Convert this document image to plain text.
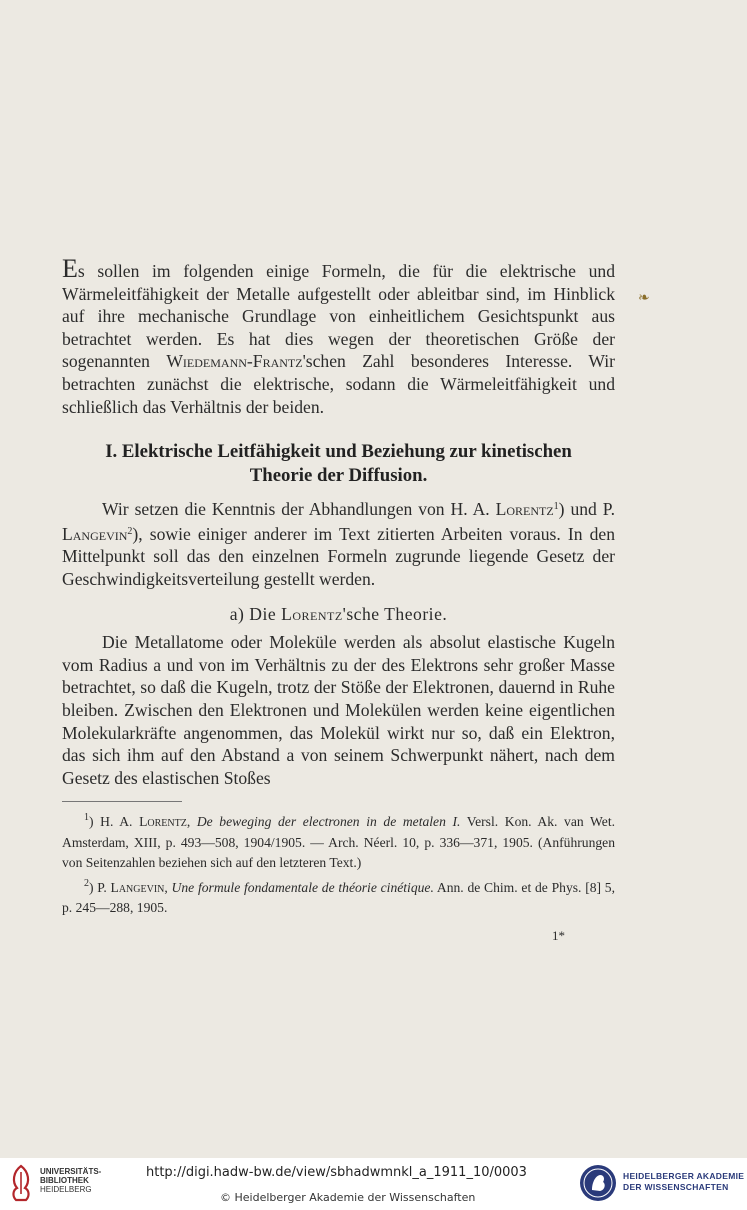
❧

Es sollen im folgenden einige Formeln, die für die elektrische und Wärmeleitfähigkeit der Metalle aufgestellt oder ableitbar sind, im Hinblick auf ihre mechanische Grundlage von einheitlichem Gesichtspunkt aus betrachtet werden. Es hat dies wegen der theoretischen Größe der sogenannten Wiedemann-Frantz'schen Zahl besonderes Interesse. Wir betrachten zunächst die elektrische, sodann die Wärmeleitfähigkeit und schließlich das Verhältnis der beiden.

I. Elektrische Leitfähigkeit und Beziehung zur kinetischen
Theorie der Diffusion.

Wir setzen die Kenntnis der Abhandlungen von H. A. Lorentz$^1$) und P. Langevin$^2$), sowie einiger anderer im Text zitierten Arbeiten voraus. In den Mittelpunkt soll das den einzelnen Formeln zugrunde liegende Gesetz der Geschwindigkeitsverteilung gestellt werden.

a) Die Lorentz'sche Theorie.

Die Metallatome oder Moleküle werden als absolut elastische Kugeln vom Radius a und von im Verhältnis zu der des Elektrons sehr großer Masse betrachtet, so daß die Kugeln, trotz der Stöße der Elektronen, dauernd in Ruhe bleiben. Zwischen den Elektronen und Molekülen werden keine eigentlichen Molekularkräfte angenommen, das Molekül wirkt nur so, daß ein Elektron, das sich ihm auf den Abstand a von seinem Schwerpunkt nähert, nach dem Gesetz des elastischen Stoßes

$^1$) H. A. Lorentz, De beweging der electronen in de metalen I. Versl. Kon. Ak. van Wet. Amsterdam, XIII, p. 493—508, 1904/1905. — Arch. Néerl. 10, p. 336—371, 1905. (Anführungen von Seitenzahlen beziehen sich auf den letzteren Text.)

$^2$) P. Langevin, Une formule fondamentale de théorie cinétique. Ann. de Chim. et de Phys. [8] 5, p. 245—288, 1905.

1*
UNIVERSITÄTS-
BIBLIOTHEK
HEIDELBERG
http://digi.hadw-bw.de/view/sbhadwmnkl_a_1911_10/0003
© Heidelberger Akademie der Wissenschaften
HEIDELBERGER AKADEMIE
DER WISSENSCHAFTEN
